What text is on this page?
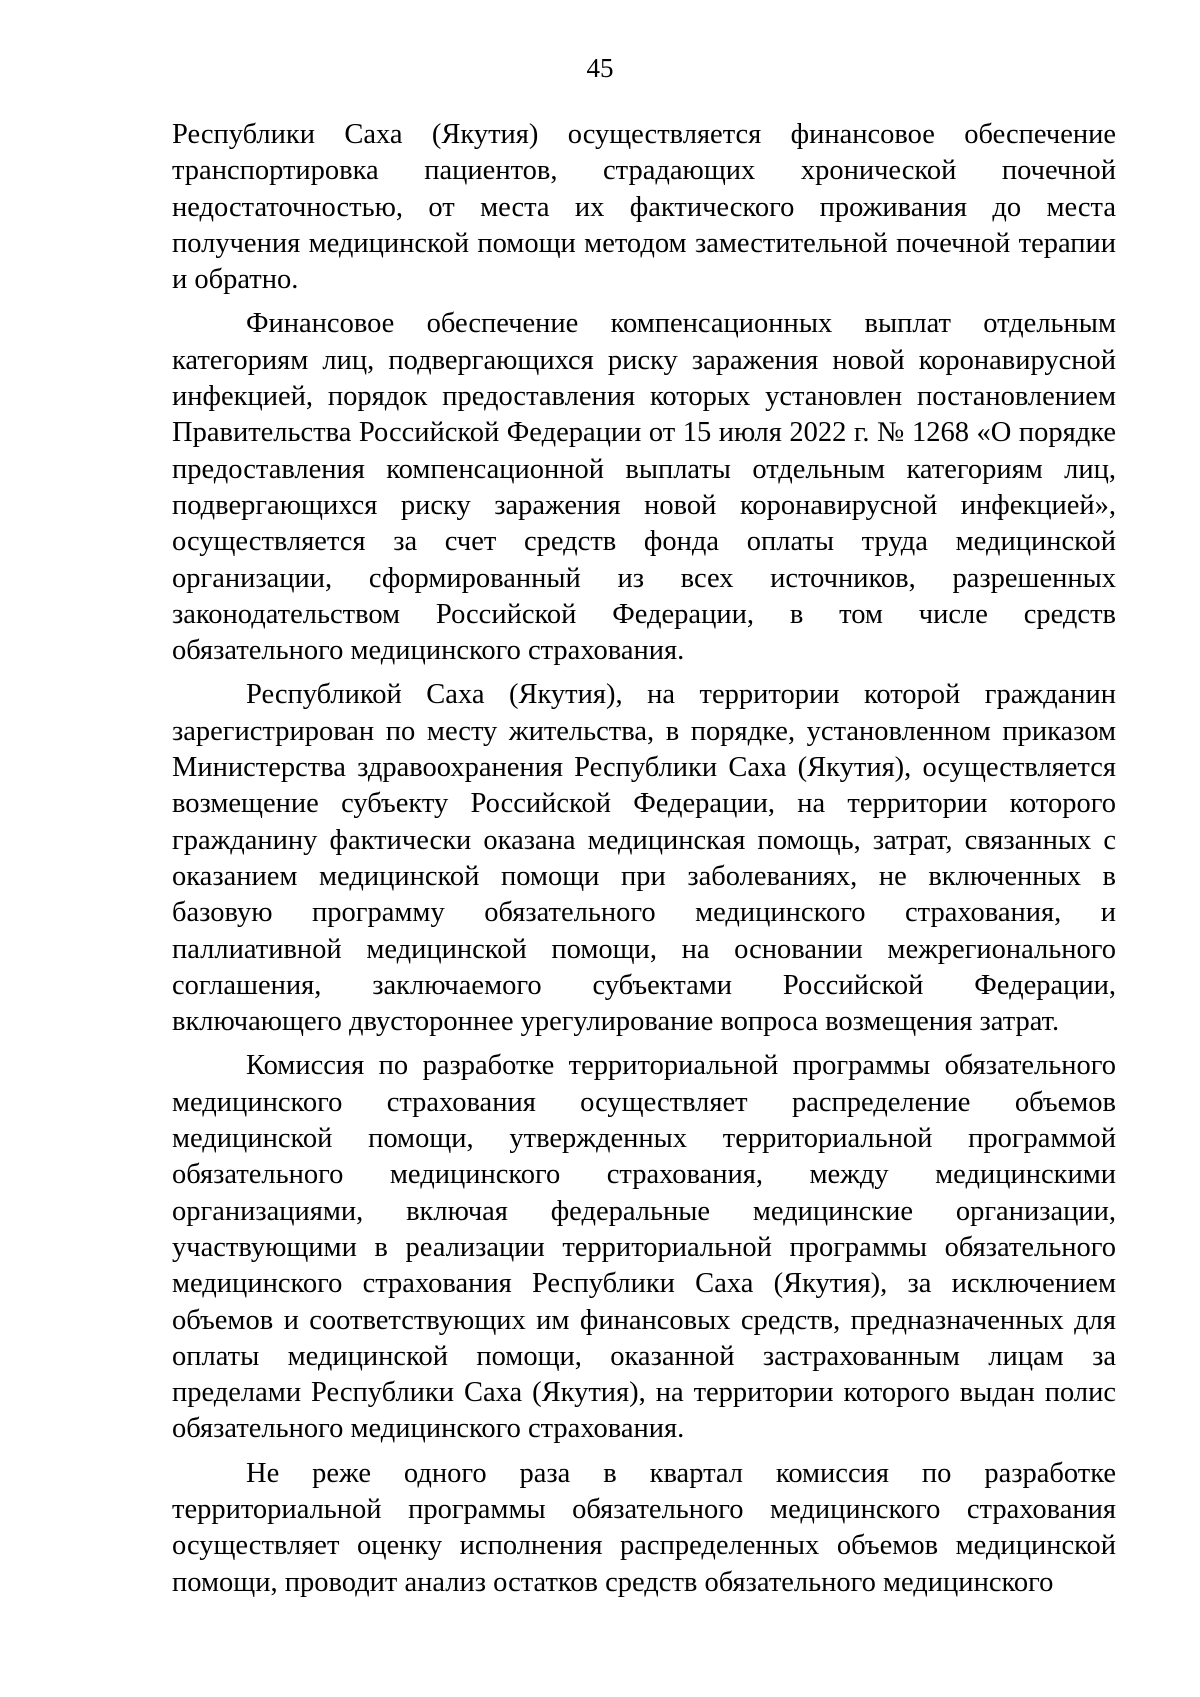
45

Республики Саха (Якутия) осуществляется финансовое обеспечение транспортировка пациентов, страдающих хронической почечной недостаточностью, от места их фактического проживания до места получения медицинской помощи методом заместительной почечной терапии и обратно.

Финансовое обеспечение компенсационных выплат отдельным категориям лиц, подвергающихся риску заражения новой коронавирусной инфекцией, порядок предоставления которых установлен постановлением Правительства Российской Федерации от 15 июля 2022 г. № 1268 «О порядке предоставления компенсационной выплаты отдельным категориям лиц, подвергающихся риску заражения новой коронавирусной инфекцией», осуществляется за счет средств фонда оплаты труда медицинской организации, сформированный из всех источников, разрешенных законодательством Российской Федерации, в том числе средств обязательного медицинского страхования.

Республикой Саха (Якутия), на территории которой гражданин зарегистрирован по месту жительства, в порядке, установленном приказом Министерства здравоохранения Республики Саха (Якутия), осуществляется возмещение субъекту Российской Федерации, на территории которого гражданину фактически оказана медицинская помощь, затрат, связанных с оказанием медицинской помощи при заболеваниях, не включенных в базовую программу обязательного медицинского страхования, и паллиативной медицинской помощи, на основании межрегионального соглашения, заключаемого субъектами Российской Федерации, включающего двустороннее урегулирование вопроса возмещения затрат.

Комиссия по разработке территориальной программы обязательного медицинского страхования осуществляет распределение объемов медицинской помощи, утвержденных территориальной программой обязательного медицинского страхования, между медицинскими организациями, включая федеральные медицинские организации, участвующими в реализации территориальной программы обязательного медицинского страхования Республики Саха (Якутия), за исключением объемов и соответствующих им финансовых средств, предназначенных для оплаты медицинской помощи, оказанной застрахованным лицам за пределами Республики Саха (Якутия), на территории которого выдан полис обязательного медицинского страхования.

Не реже одного раза в квартал комиссия по разработке территориальной программы обязательного медицинского страхования осуществляет оценку исполнения распределенных объемов медицинской помощи, проводит анализ остатков средств обязательного медицинского
